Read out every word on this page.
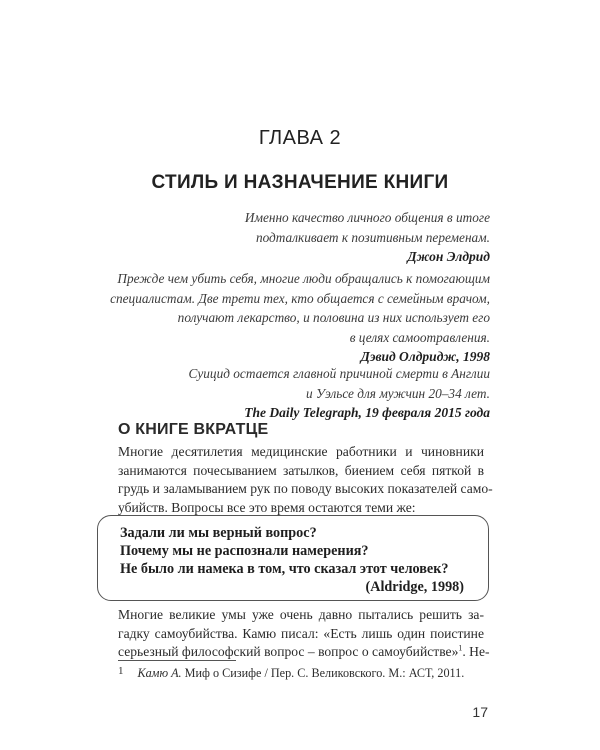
ГЛАВА 2
СТИЛЬ И НАЗНАЧЕНИЕ КНИГИ
Именно качество личного общения в итоге
подталкивает к позитивным переменам.
Джон Элдрид
Прежде чем убить себя, многие люди обращались к помогающим
специалистам. Две трети тех, кто общается с семейным врачом,
получают лекарство, и половина из них использует его
в целях самоотравления.
Дэвид Олдридж, 1998
Суицид остается главной причиной смерти в Англии
и Уэльсе для мужчин 20–34 лет.
The Daily Telegraph, 19 февраля 2015 года
О КНИГЕ ВКРАТЦЕ
Многие десятилетия медицинские работники и чиновники
занимаются почесыванием затылков, биением себя пяткой в
грудь и заламыванием рук по поводу высоких показателей само-
убийств. Вопросы все это время остаются теми же:
Задали ли мы верный вопрос?
Почему мы не распознали намерения?
Не было ли намека в том, что сказал этот человек?
(Aldridge, 1998)
Многие великие умы уже очень давно пытались решить за-
гадку самоубийства. Камю писал: «Есть лишь один поистине
серьезный философский вопрос – вопрос о самоубийстве»$^1$. Не-
1 Камю А. Миф о Сизифе / Пер. С. Великовского. М.: АСТ, 2011.
17
